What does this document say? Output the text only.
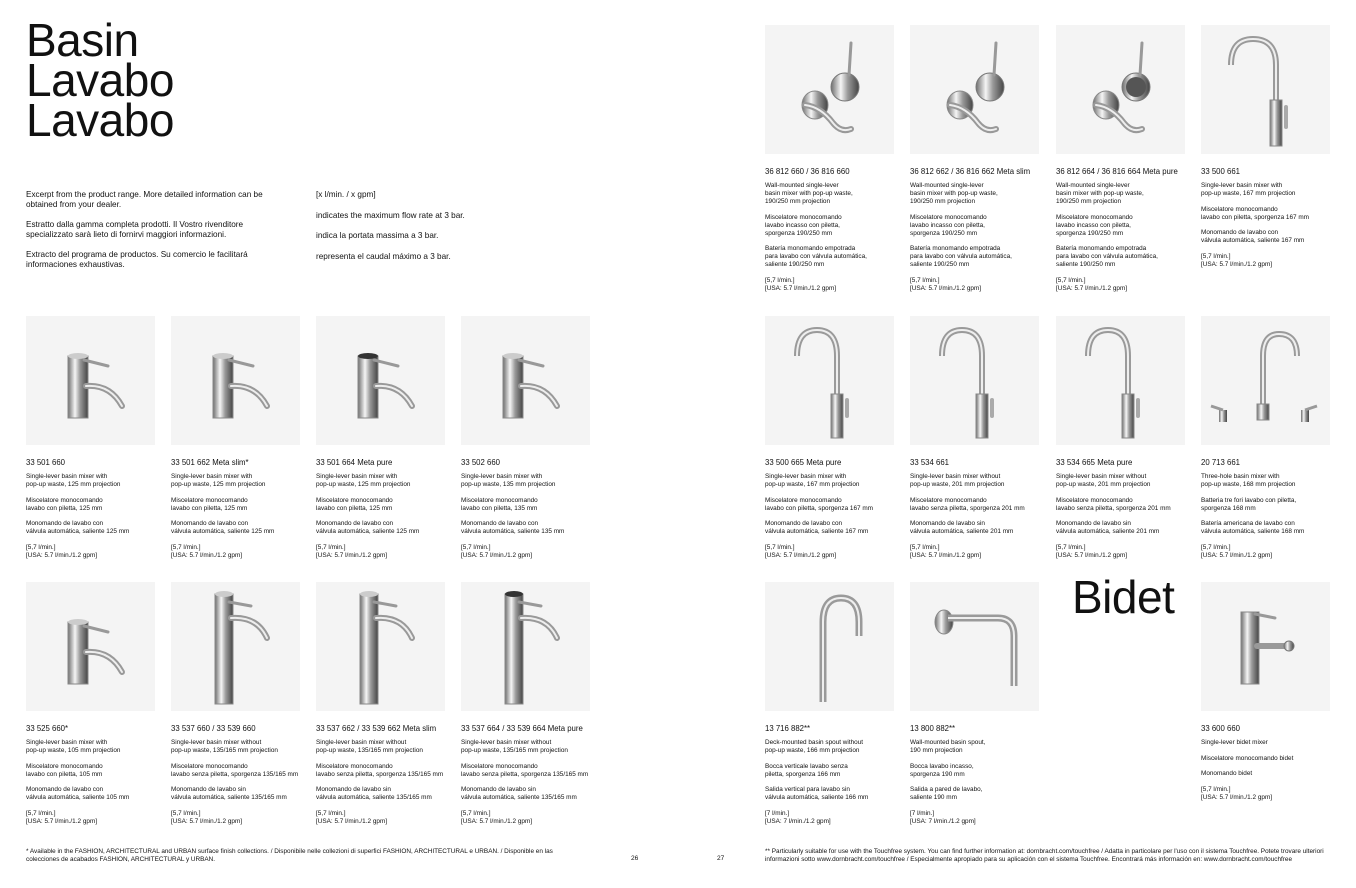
Basin
Lavabo
Lavabo

Excerpt from the product range. More detailed information can be obtained from your dealer.

Estratto dalla gamma completa prodotti. Il Vostro rivenditore specializzato sarà lieto di fornirvi maggiori informazioni.

Extracto del programa de productos. Su comercio le facilitará informaciones exhaustivas.

[x l/min. / x gpm]

indicates the maximum flow rate at 3 bar.

indica la portata massima a 3 bar.

representa el caudal máximo a 3 bar.

Bidet
36 812 660 / 36 816 660

Wall-mounted single-lever
basin mixer with pop-up waste,
190/250 mm projection

Miscelatore monocomando
lavabo incasso con piletta,
sporgenza 190/250 mm

Batería monomando empotrada
para lavabo con válvula automática,
saliente 190/250 mm

[5,7 l/min.]
[USA: 5.7 l/min./1.2 gpm]

36 812 662 / 36 816 662 Meta slim

Wall-mounted single-lever
basin mixer with pop-up waste,
190/250 mm projection

Miscelatore monocomando
lavabo incasso con piletta,
sporgenza 190/250 mm

Batería monomando empotrada
para lavabo con válvula automática,
saliente 190/250 mm

[5,7 l/min.]
[USA: 5.7 l/min./1.2 gpm]

36 812 664 / 36 816 664 Meta pure

Wall-mounted single-lever
basin mixer with pop-up waste,
190/250 mm projection

Miscelatore monocomando
lavabo incasso con piletta,
sporgenza 190/250 mm

Batería monomando empotrada
para lavabo con válvula automática,
saliente 190/250 mm

[5,7 l/min.]
[USA: 5.7 l/min./1.2 gpm]

33 500 661

Single-lever basin mixer with
pop-up waste, 167 mm projection

Miscelatore monocomando
lavabo con piletta, sporgenza 167 mm

Monomando de lavabo con
válvula automática, saliente 167 mm

[5,7 l/min.]
[USA: 5.7 l/min./1.2 gpm]

33 501 660

Single-lever basin mixer with
pop-up waste, 125 mm projection

Miscelatore monocomando
lavabo con piletta, 125 mm

Monomando de lavabo con
válvula automática, saliente 125 mm

[5,7 l/min.]
[USA: 5.7 l/min./1.2 gpm]

33 501 662 Meta slim*

Single-lever basin mixer with
pop-up waste, 125 mm projection

Miscelatore monocomando
lavabo con piletta, 125 mm

Monomando de lavabo con
válvula automática, saliente 125 mm

[5,7 l/min.]
[USA: 5.7 l/min./1.2 gpm]

33 501 664 Meta pure

Single-lever basin mixer with
pop-up waste, 125 mm projection

Miscelatore monocomando
lavabo con piletta, 125 mm

Monomando de lavabo con
válvula automática, saliente 125 mm

[5,7 l/min.]
[USA: 5.7 l/min./1.2 gpm]

33 502 660

Single-lever basin mixer with
pop-up waste, 135 mm projection

Miscelatore monocomando
lavabo con piletta, 135 mm

Monomando de lavabo con
válvula automática, saliente 135 mm

[5,7 l/min.]
[USA: 5.7 l/min./1.2 gpm]

33 500 665 Meta pure

Single-lever basin mixer with
pop-up waste, 167 mm projection

Miscelatore monocomando
lavabo con piletta, sporgenza 167 mm

Monomando de lavabo con
válvula automática, saliente 167 mm

[5,7 l/min.]
[USA: 5.7 l/min./1.2 gpm]

33 534 661

Single-lever basin mixer without
pop-up waste, 201 mm projection

Miscelatore monocomando
lavabo senza piletta, sporgenza 201 mm

Monomando de lavabo sin
válvula automática, saliente 201 mm

[5,7 l/min.]
[USA: 5.7 l/min./1.2 gpm]

33 534 665 Meta pure

Single-lever basin mixer without
pop-up waste, 201 mm projection

Miscelatore monocomando
lavabo senza piletta, sporgenza 201 mm

Monomando de lavabo sin
válvula automática, saliente 201 mm

[5,7 l/min.]
[USA: 5.7 l/min./1.2 gpm]

20 713 661

Three-hole basin mixer with
pop-up waste, 168 mm projection

Batteria tre fori lavabo con piletta,
sporgenza 168 mm

Batería americana de lavabo con
válvula automática, saliente 168 mm

[5,7 l/min.]
[USA: 5.7 l/min./1.2 gpm]

33 525 660*

Single-lever basin mixer with
pop-up waste, 105 mm projection

Miscelatore monocomando
lavabo con piletta, 105 mm

Monomando de lavabo con
válvula automática, saliente 105 mm

[5,7 l/min.]
[USA: 5.7 l/min./1.2 gpm]

33 537 660 / 33 539 660

Single-lever basin mixer without
pop-up waste, 135/165 mm projection

Miscelatore monocomando
lavabo senza piletta, sporgenza 135/165 mm

Monomando de lavabo sin
válvula automática, saliente 135/165 mm

[5,7 l/min.]
[USA: 5.7 l/min./1.2 gpm]

33 537 662 / 33 539 662 Meta slim

Single-lever basin mixer without
pop-up waste, 135/165 mm projection

Miscelatore monocomando
lavabo senza piletta, sporgenza 135/165 mm

Monomando de lavabo sin
válvula automática, saliente 135/165 mm

[5,7 l/min.]
[USA: 5.7 l/min./1.2 gpm]

33 537 664 / 33 539 664 Meta pure

Single-lever basin mixer without
pop-up waste, 135/165 mm projection

Miscelatore monocomando
lavabo senza piletta, sporgenza 135/165 mm

Monomando de lavabo sin
válvula automática, saliente 135/165 mm

[5,7 l/min.]
[USA: 5.7 l/min./1.2 gpm]

13 716 882**

Deck-mounted basin spout without
pop-up waste, 166 mm projection

Bocca verticale lavabo senza
piletta, sporgenza 166 mm

Salida vertical para lavabo sin
válvula automática, saliente 166 mm

[7 l/min.]
[USA: 7 l/min./1.2 gpm]

13 800 882**

Wall-mounted basin spout,
190 mm projection

Bocca lavabo incasso,
sporgenza 190 mm

Salida a pared de lavabo,
saliente 190 mm

[7 l/min.]
[USA: 7 l/min./1.2 gpm]

33 600 660

Single-lever bidet mixer

Miscelatore monocomando bidet

Monomando bidet

[5,7 l/min.]
[USA: 5.7 l/min./1.2 gpm]

* Available in the FASHION, ARCHITECTURAL and URBAN surface finish collections. / Disponibile nelle collezioni di superfici FASHION, ARCHITECTURAL e URBAN. / Disponible en las colecciones de acabados FASHION, ARCHITECTURAL y URBAN.
** Particularly suitable for use with the Touchfree system. You can find further information at: dornbracht.com/touchfree / Adatta in particolare per l'uso con il sistema Touchfree. Potete trovare ulteriori informazioni sotto www.dornbracht.com/touchfree / Especialmente apropiado para su aplicación con el sistema Touchfree. Encontrará más información en: www.dornbracht.com/touchfree
26	27
